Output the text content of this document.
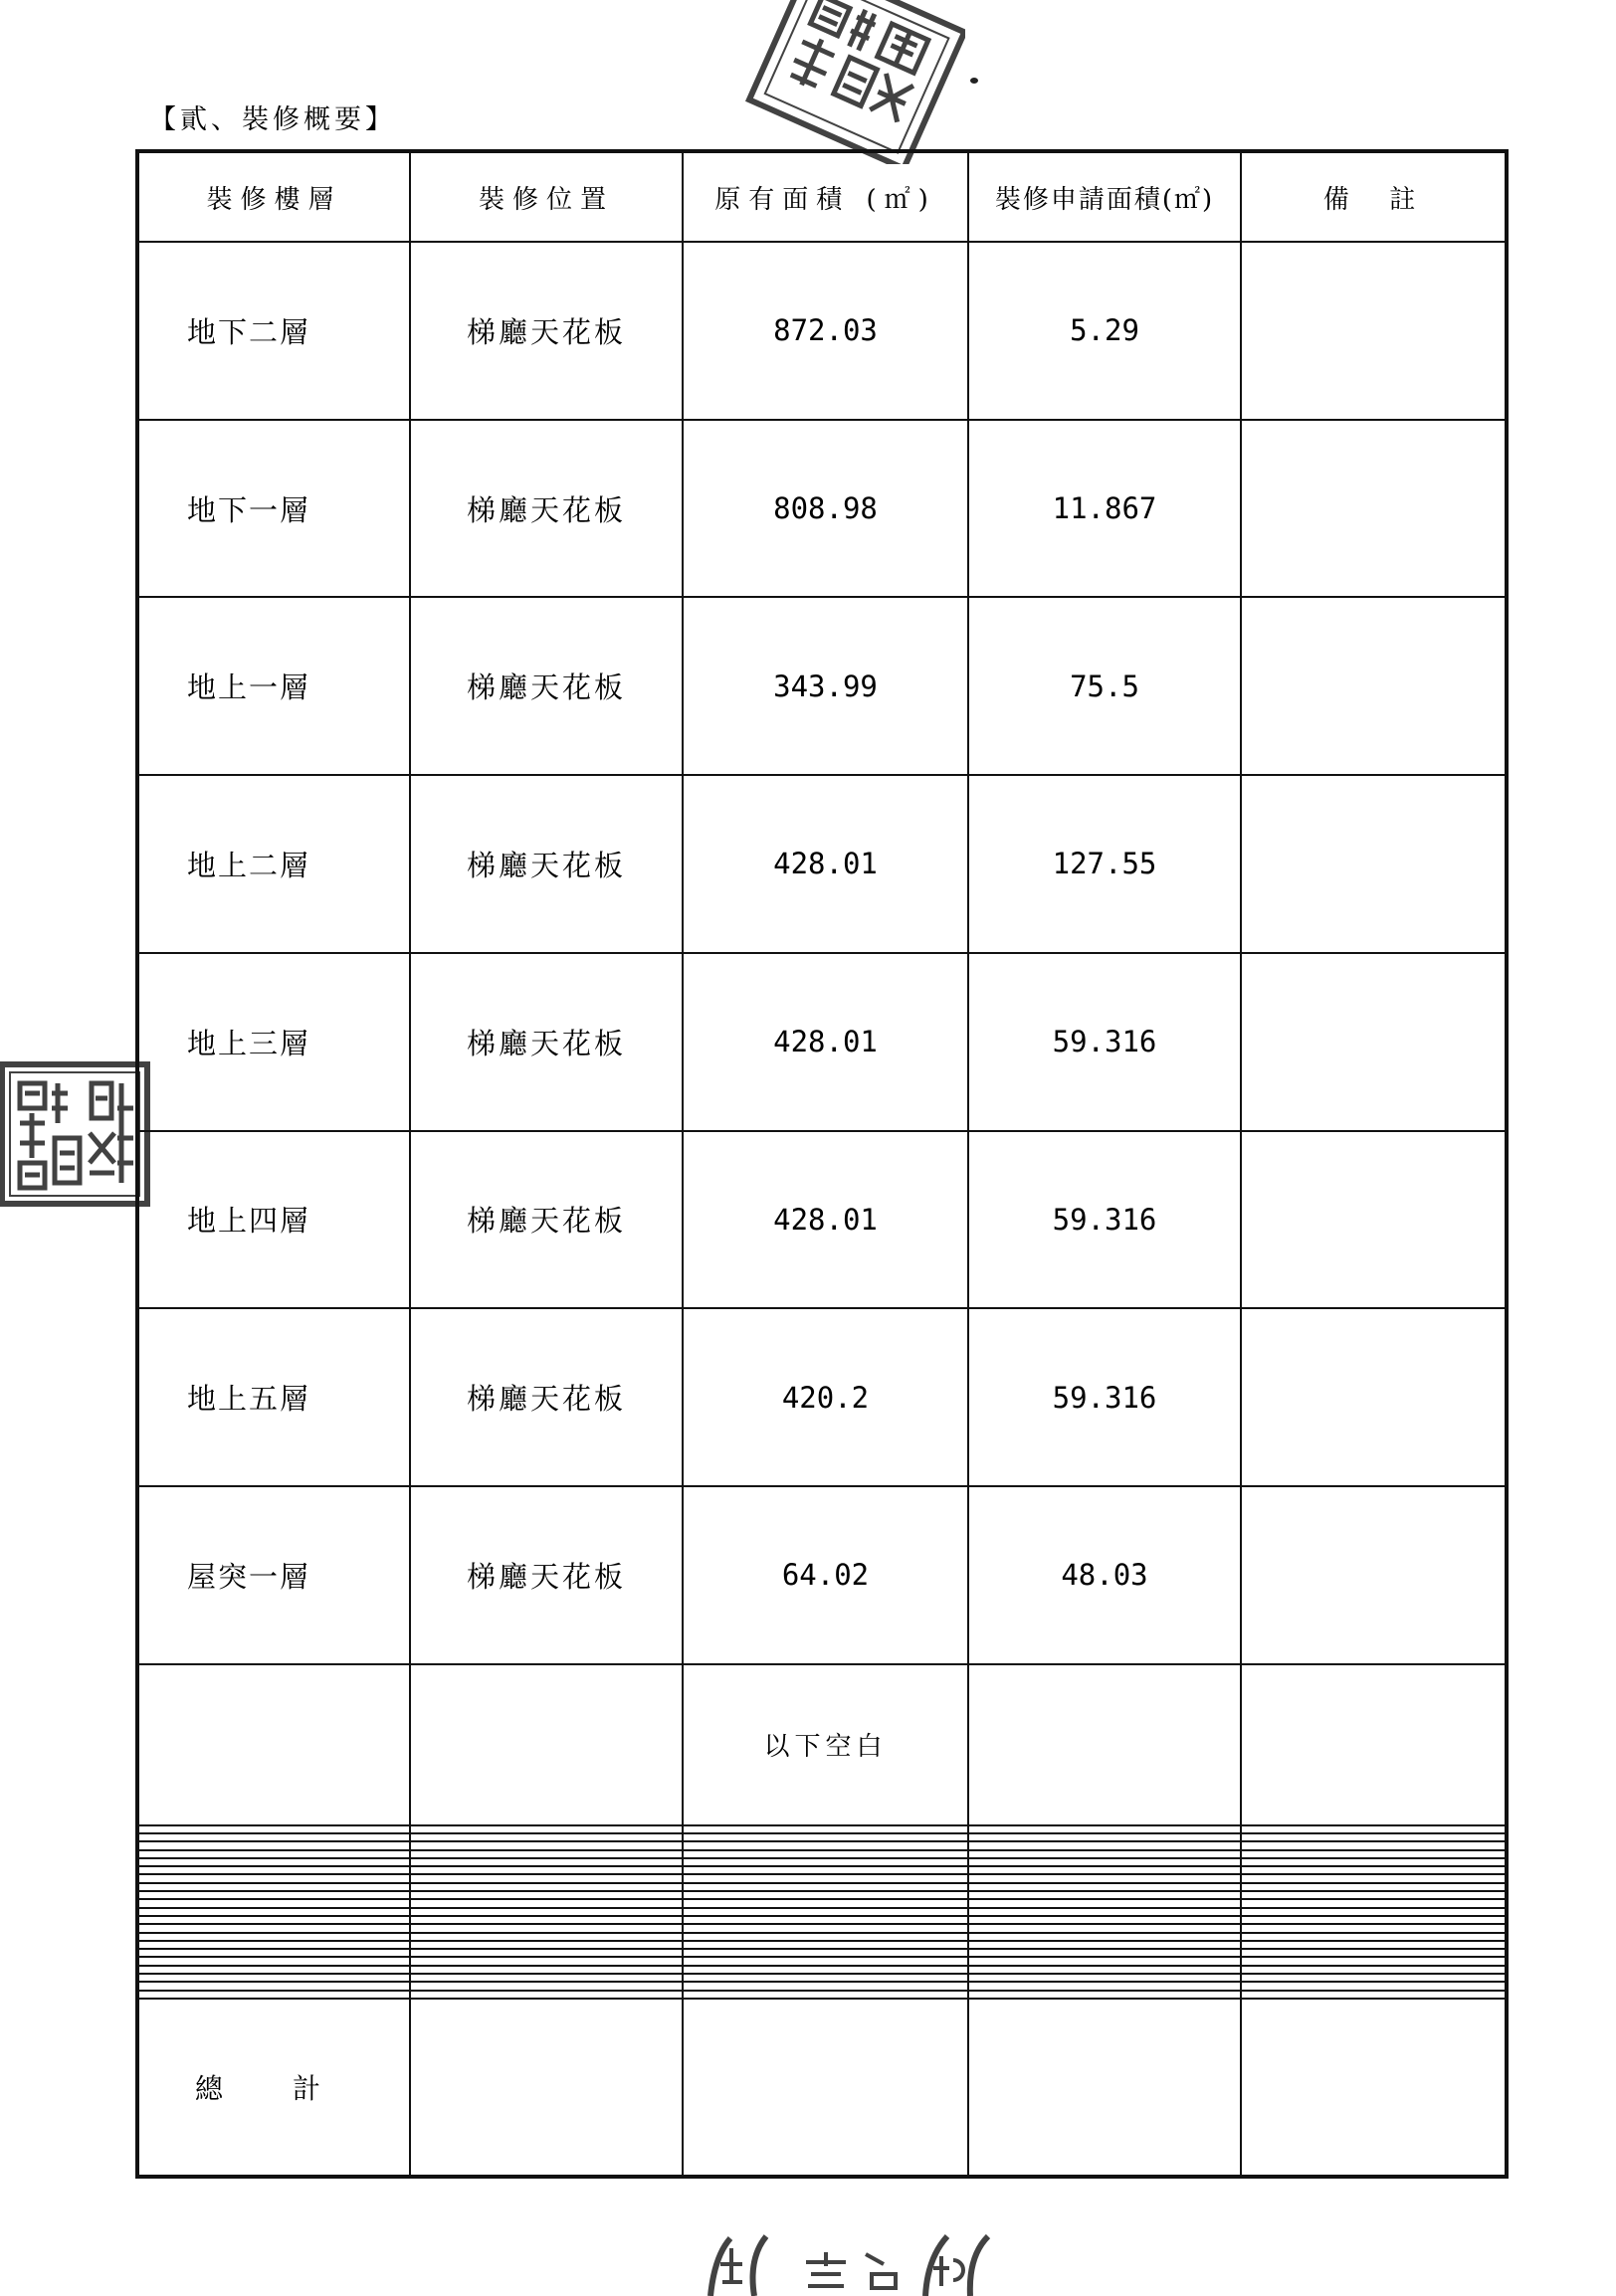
【貳、裝修概要】
裝修樓層	裝修位置	原有面積 (㎡)	裝修申請面積(㎡)	備  註
地下二層	梯廳天花板	872.03	5.29	
地下一層	梯廳天花板	808.98	11.867	
地上一層	梯廳天花板	343.99	75.5	
地上二層	梯廳天花板	428.01	127.55	
地上三層	梯廳天花板	428.01	59.316	
地上四層	梯廳天花板	428.01	59.316	
地上五層	梯廳天花板	420.2	59.316	
屋突一層	梯廳天花板	64.02	48.03	
		以下空白		

總計				
